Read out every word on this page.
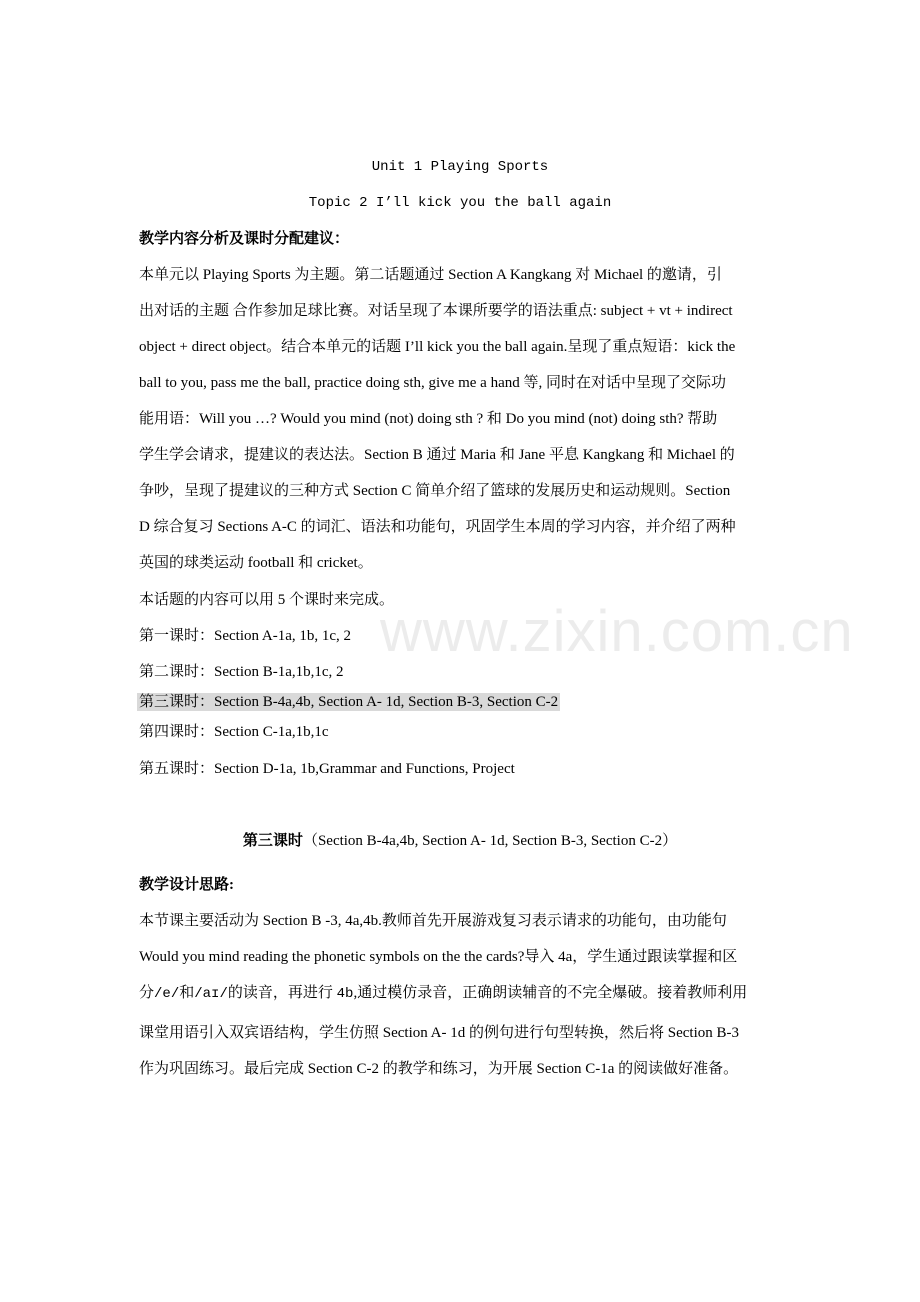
www.zixin.com.cn
Unit 1 Playing Sports
Topic 2 I’ll kick you the ball again
教学内容分析及课时分配建议：
本单元以 Playing Sports 为主题。第二话题通过 Section A Kangkang 对 Michael 的邀请，引
出对话的主题 合作参加足球比赛。对话呈现了本课所要学的语法重点: subject + vt + indirect
object + direct object。结合本单元的话题 I’ll kick you the ball again.呈现了重点短语：kick the
ball to you, pass me the ball, practice doing sth, give me a hand 等, 同时在对话中呈现了交际功
能用语：Will you …? Would you mind (not) doing sth ? 和 Do you mind (not) doing sth? 帮助
学生学会请求，提建议的表达法。Section B 通过 Maria 和 Jane 平息 Kangkang 和 Michael 的
争吵，呈现了提建议的三种方式 Section C 简单介绍了篮球的发展历史和运动规则。Section
D 综合复习 Sections A-C 的词汇、语法和功能句，巩固学生本周的学习内容，并介绍了两种
英国的球类运动 football 和 cricket。
本话题的内容可以用 5 个课时来完成。
第一课时：Section A-1a, 1b, 1c, 2
第二课时：Section B-1a,1b,1c, 2
第三课时：Section B-4a,4b, Section A- 1d, Section B-3, Section C-2
第四课时：Section C-1a,1b,1c
第五课时：Section D-1a, 1b,Grammar and Functions, Project
第三课时（Section B-4a,4b, Section A- 1d, Section B-3, Section C-2）
教学设计思路:
本节课主要活动为 Section B -3, 4a,4b.教师首先开展游戏复习表示请求的功能句，由功能句
Would you mind reading the phonetic symbols on the the cards?导入 4a，学生通过跟读掌握和区
分/e/和/aɪ/的读音，再进行 4b,通过模仿录音，正确朗读辅音的不完全爆破。接着教师利用
课堂用语引入双宾语结构，学生仿照 Section A- 1d 的例句进行句型转换，然后将 Section B-3
作为巩固练习。最后完成 Section C-2 的教学和练习，为开展 Section C-1a 的阅读做好准备。
